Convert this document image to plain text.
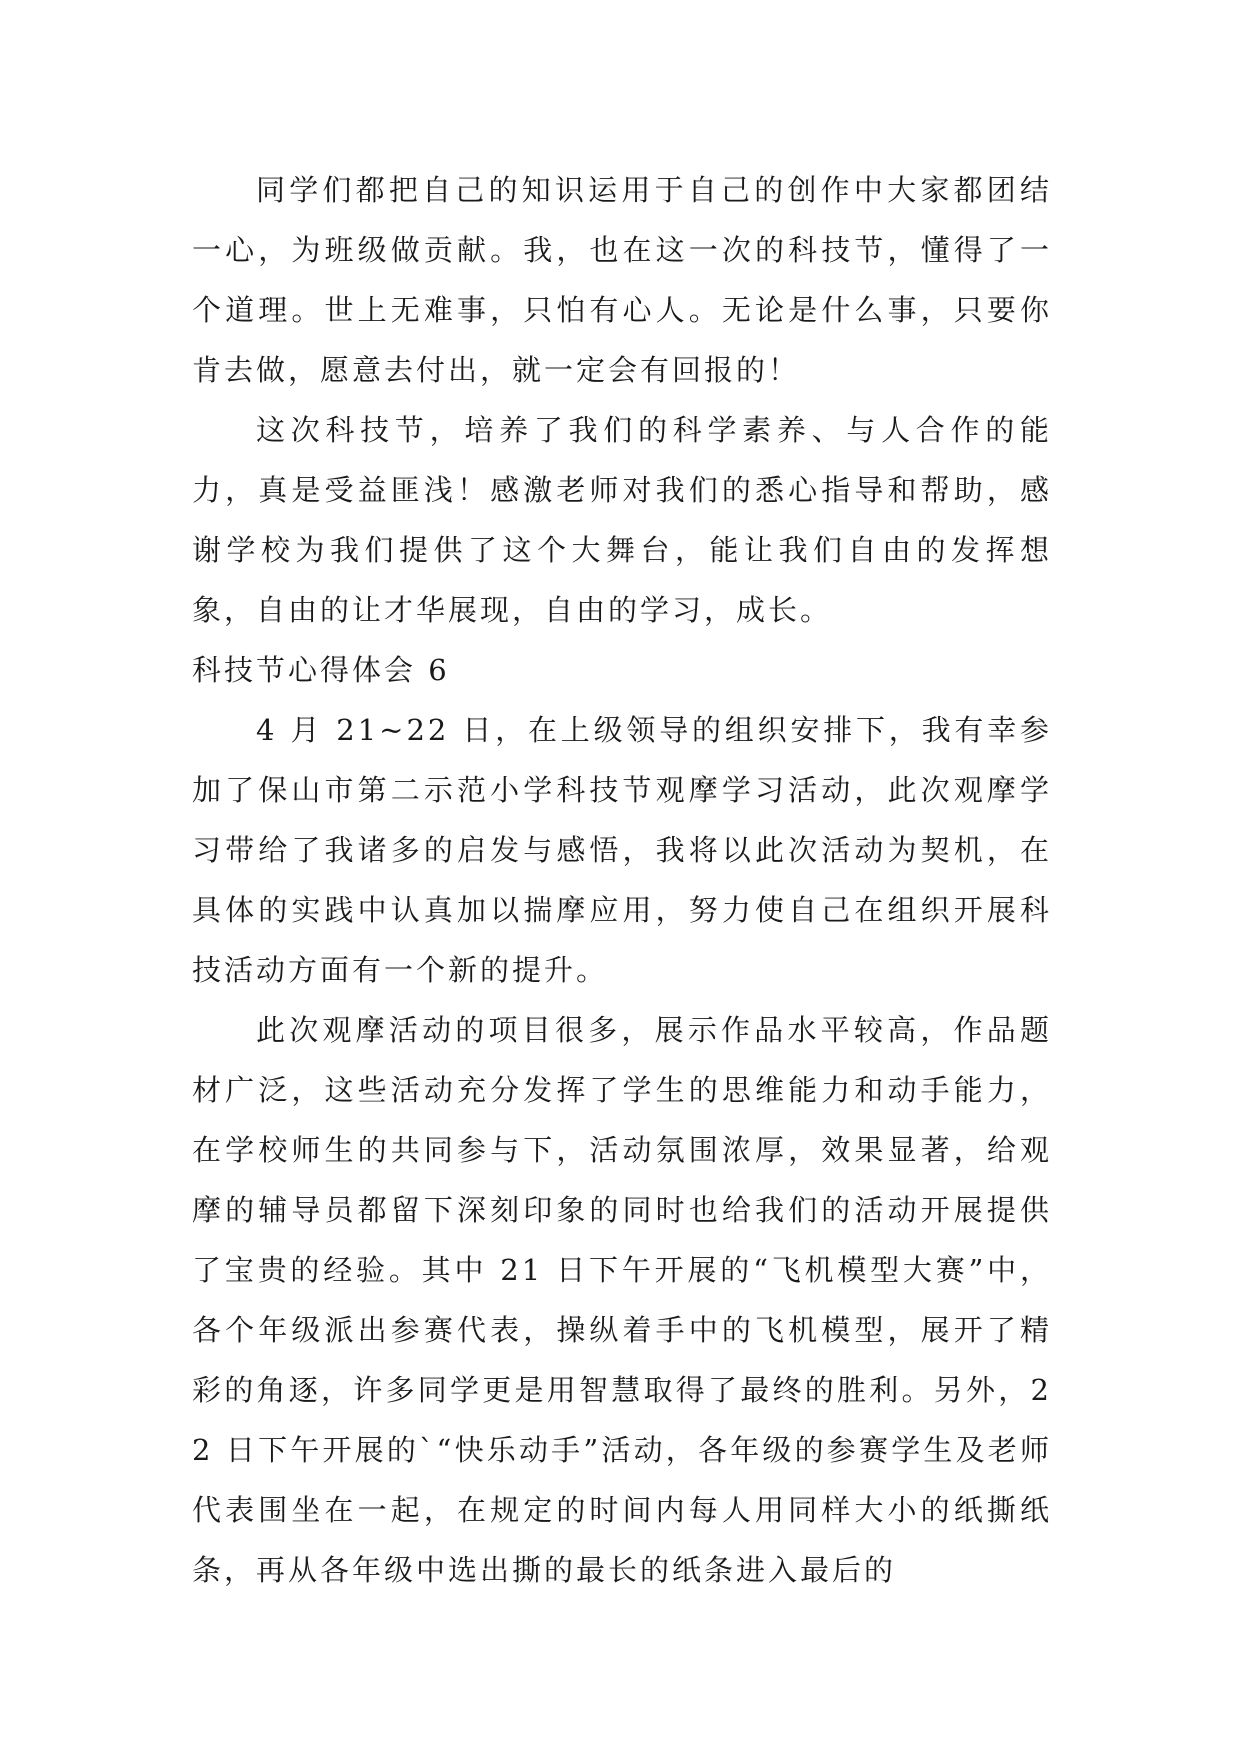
同学们都把自己的知识运用于自己的创作中大家都团结一心，为班级做贡献。我，也在这一次的科技节，懂得了一个道理。世上无难事，只怕有心人。无论是什么事，只要你肯去做，愿意去付出，就一定会有回报的！

这次科技节，培养了我们的科学素养、与人合作的能力，真是受益匪浅！感激老师对我们的悉心指导和帮助，感谢学校为我们提供了这个大舞台，能让我们自由的发挥想象，自由的让才华展现，自由的学习，成长。

科技节心得体会 6

4 月 21~22 日，在上级领导的组织安排下，我有幸参加了保山市第二示范小学科技节观摩学习活动，此次观摩学习带给了我诸多的启发与感悟，我将以此次活动为契机，在具体的实践中认真加以揣摩应用，努力使自己在组织开展科技活动方面有一个新的提升。

此次观摩活动的项目很多，展示作品水平较高，作品题材广泛，这些活动充分发挥了学生的思维能力和动手能力，在学校师生的共同参与下，活动氛围浓厚，效果显著，给观摩的辅导员都留下深刻印象的同时也给我们的活动开展提供了宝贵的经验。其中 21 日下午开展的“飞机模型大赛”中，各个年级派出参赛代表，操纵着手中的飞机模型，展开了精彩的角逐，许多同学更是用智慧取得了最终的胜利。另外，22 日下午开展的`“快乐动手”活动，各年级的参赛学生及老师代表围坐在一起，在规定的时间内每人用同样大小的纸撕纸条，再从各年级中选出撕的最长的纸条进入最后的
